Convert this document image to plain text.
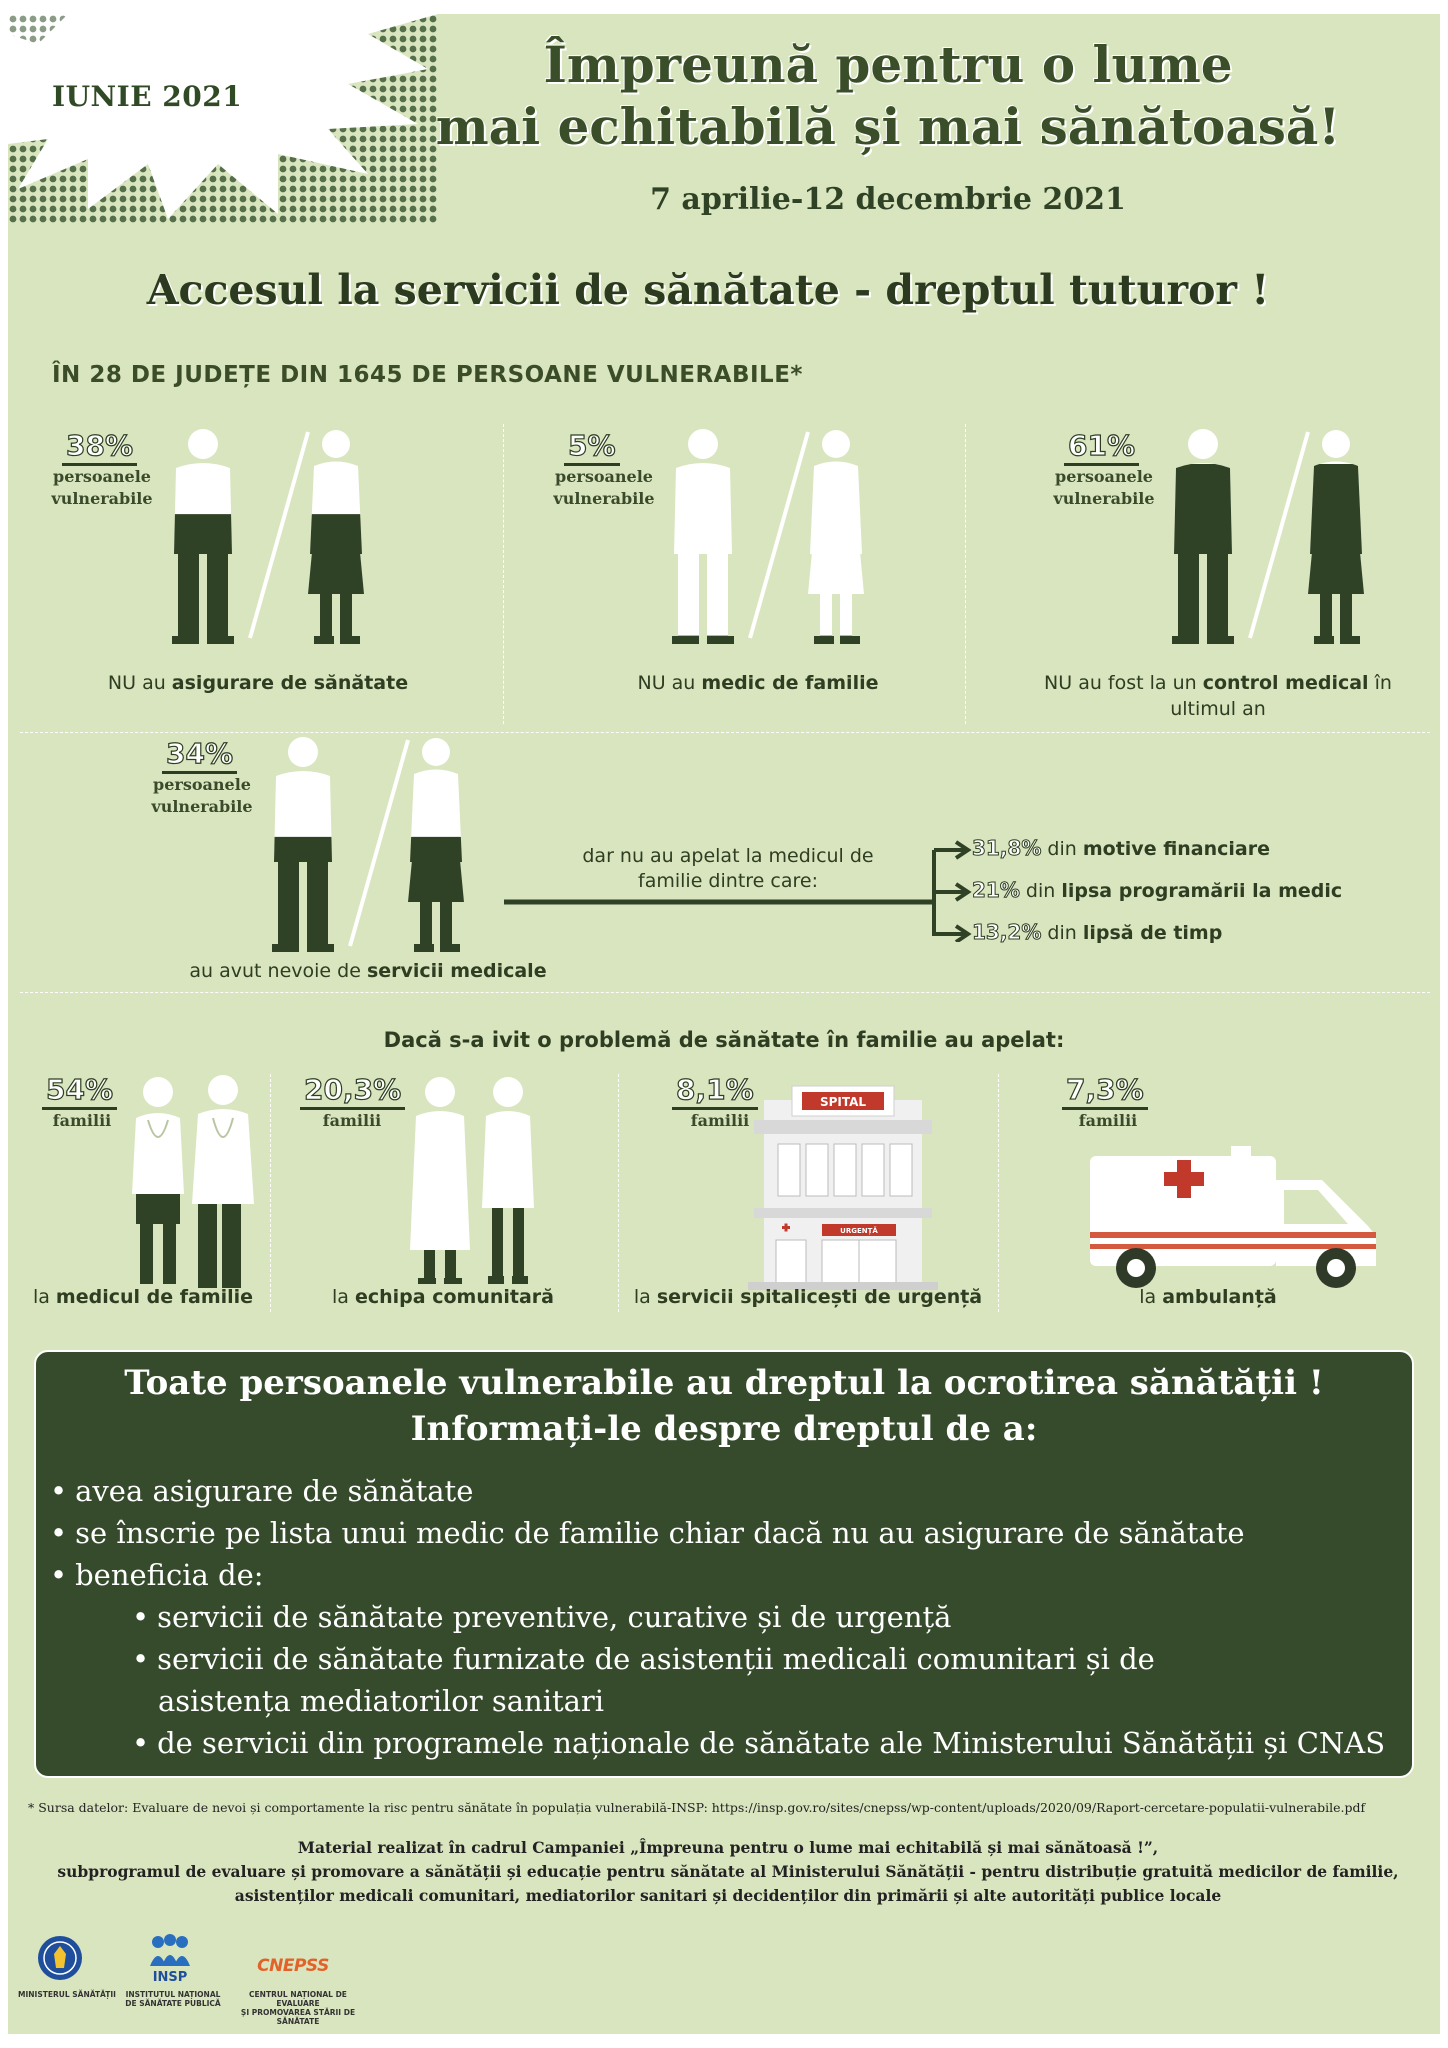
IUNIE 2021
Împreună pentru o lume
mai echitabilă și mai sănătoasă!
7 aprilie-12 decembrie 2021
Accesul la servicii de sănătate - dreptul tuturor !
ÎN 28 DE JUDEȚE DIN 1645 DE PERSOANE VULNERABILE*
38%
persoanele
vulnerabile
NU au asigurare de sănătate
5%
persoanele
vulnerabile
NU au medic de familie
61%
persoanele
vulnerabile
NU au fost la un control medical în ultimul an
34%
persoanele
vulnerabile
au avut nevoie de servicii medicale
dar nu au apelat la medicul de familie dintre care:
31,8% din motive financiare
21% din lipsa programării la medic
13,2% din lipsă de timp
Dacă s-a ivit o problemă de sănătate în familie au apelat:
54%
familii
la medicul de familie
20,3%
familii
la echipa comunitară
8,1%
familii
SPITAL
URGENȚĂ
la servicii spitalicești de urgență
7,3%
familii
la ambulanță
Toate persoanele vulnerabile au dreptul la ocrotirea sănătății !
Informați-le despre dreptul de a:
• avea asigurare de sănătate
• se înscrie pe lista unui medic de familie chiar dacă nu au asigurare de sănătate
• beneficia de:
• servicii de sănătate preventive, curative și de urgență
• servicii de sănătate furnizate de asistenții medicali comunitari și de
asistența mediatorilor sanitari
• de servicii din programele naționale de sănătate ale Ministerului Sănătății și CNAS
* Sursa datelor: Evaluare de nevoi și comportamente la risc pentru sănătate în populația vulnerabilă-INSP: https://insp.gov.ro/sites/cnepss/wp-content/uploads/2020/09/Raport-cercetare-populatii-vulnerabile.pdf
Material realizat în cadrul Campaniei „Împreuna pentru o lume mai echitabilă și mai sănătoasă !”,
subprogramul de evaluare și promovare a sănătății și educație pentru sănătate al Ministerului Sănătății - pentru distribuție gratuită medicilor de familie,
asistenților medicali comunitari, mediatorilor sanitari și decidenților din primării și alte autorități publice locale
MINISTERUL SĂNĂTĂȚII
INSP
INSTITUTUL NAȚIONAL
DE SĂNĂTATE PUBLICĂ
CNEPSS
CENTRUL NAȚIONAL DE EVALUARE
ȘI PROMOVAREA STĂRII DE SĂNĂTATE
